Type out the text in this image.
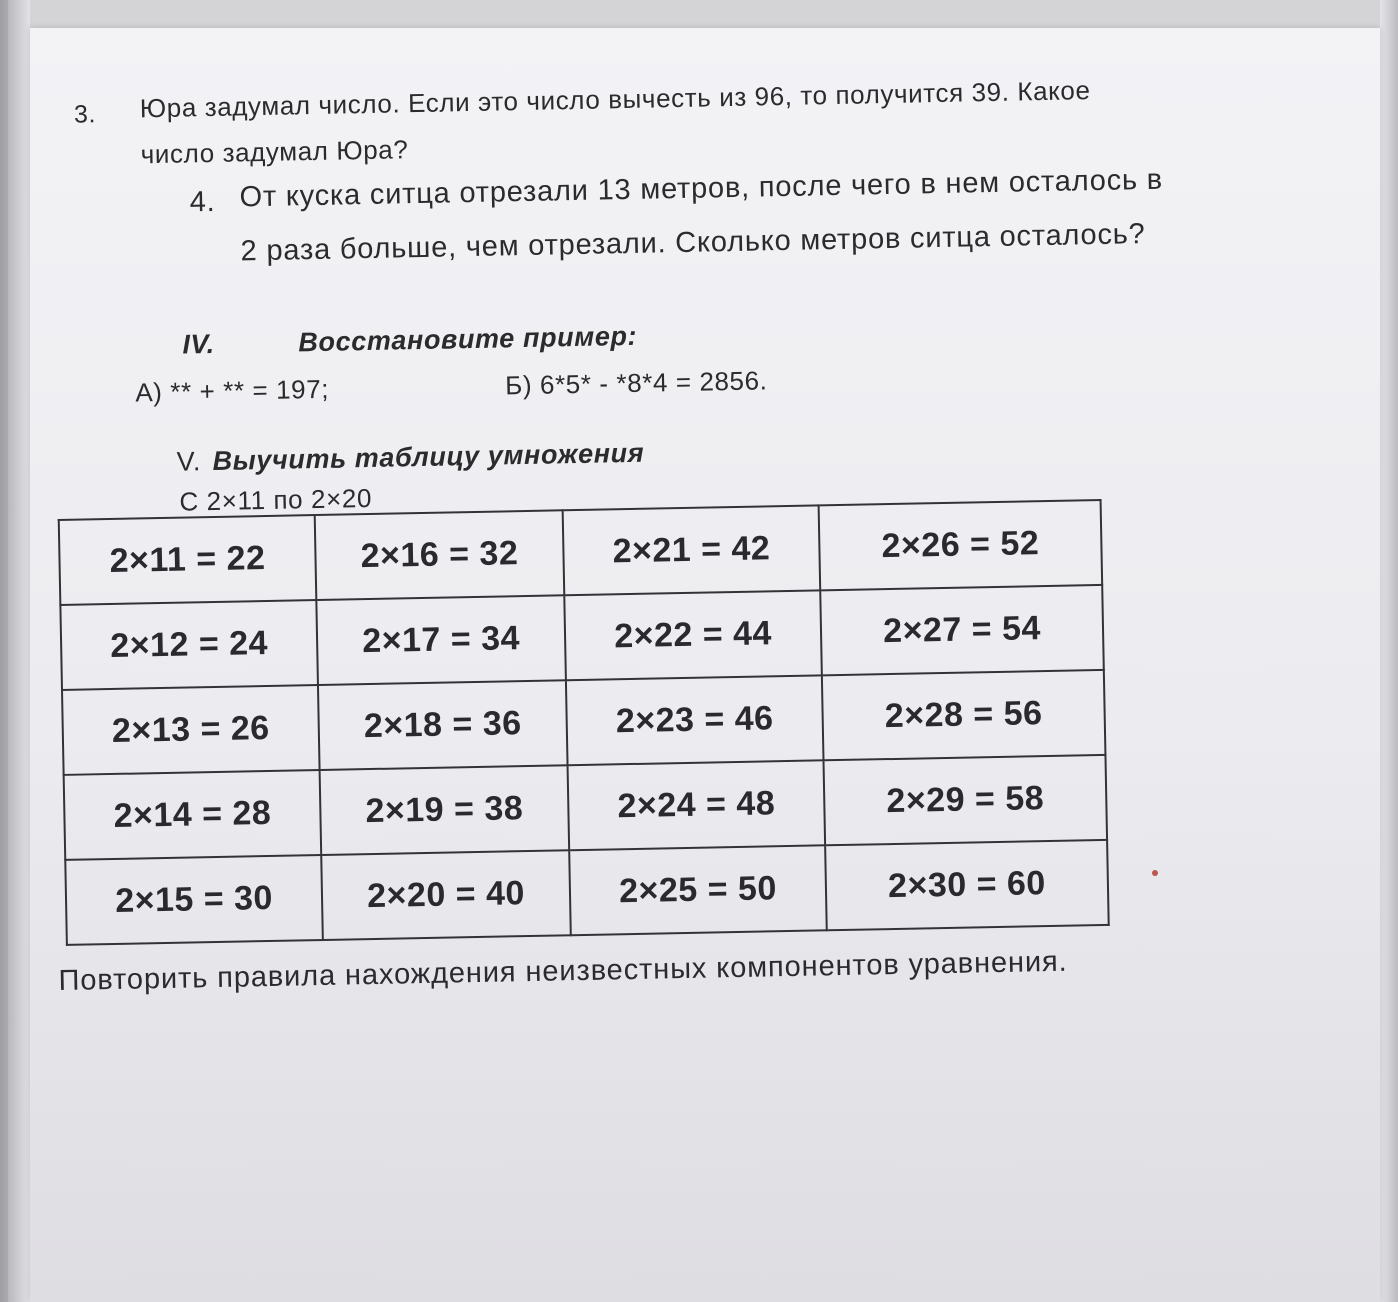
3. Юра задумал число. Если это число вычесть из 96, то получится 39. Какое
число задумал Юра?
4. От куска ситца отрезали 13 метров, после чего в нем осталось в
2 раза больше, чем отрезали. Сколько метров ситца осталось?
IV.	Восстановите пример:
А) ** + ** = 197;	Б) 6*5* - *8*4 = 2856.
V. Выучить таблицу умножения
С 2×11 по 2×20
2×11 = 22	2×16 = 32	2×21 = 42	2×26 = 52
2×12 = 24	2×17 = 34	2×22 = 44	2×27 = 54
2×13 = 26	2×18 = 36	2×23 = 46	2×28 = 56
2×14 = 28	2×19 = 38	2×24 = 48	2×29 = 58
2×15 = 30	2×20 = 40	2×25 = 50	2×30 = 60
Повторить правила нахождения неизвестных компонентов уравнения.
